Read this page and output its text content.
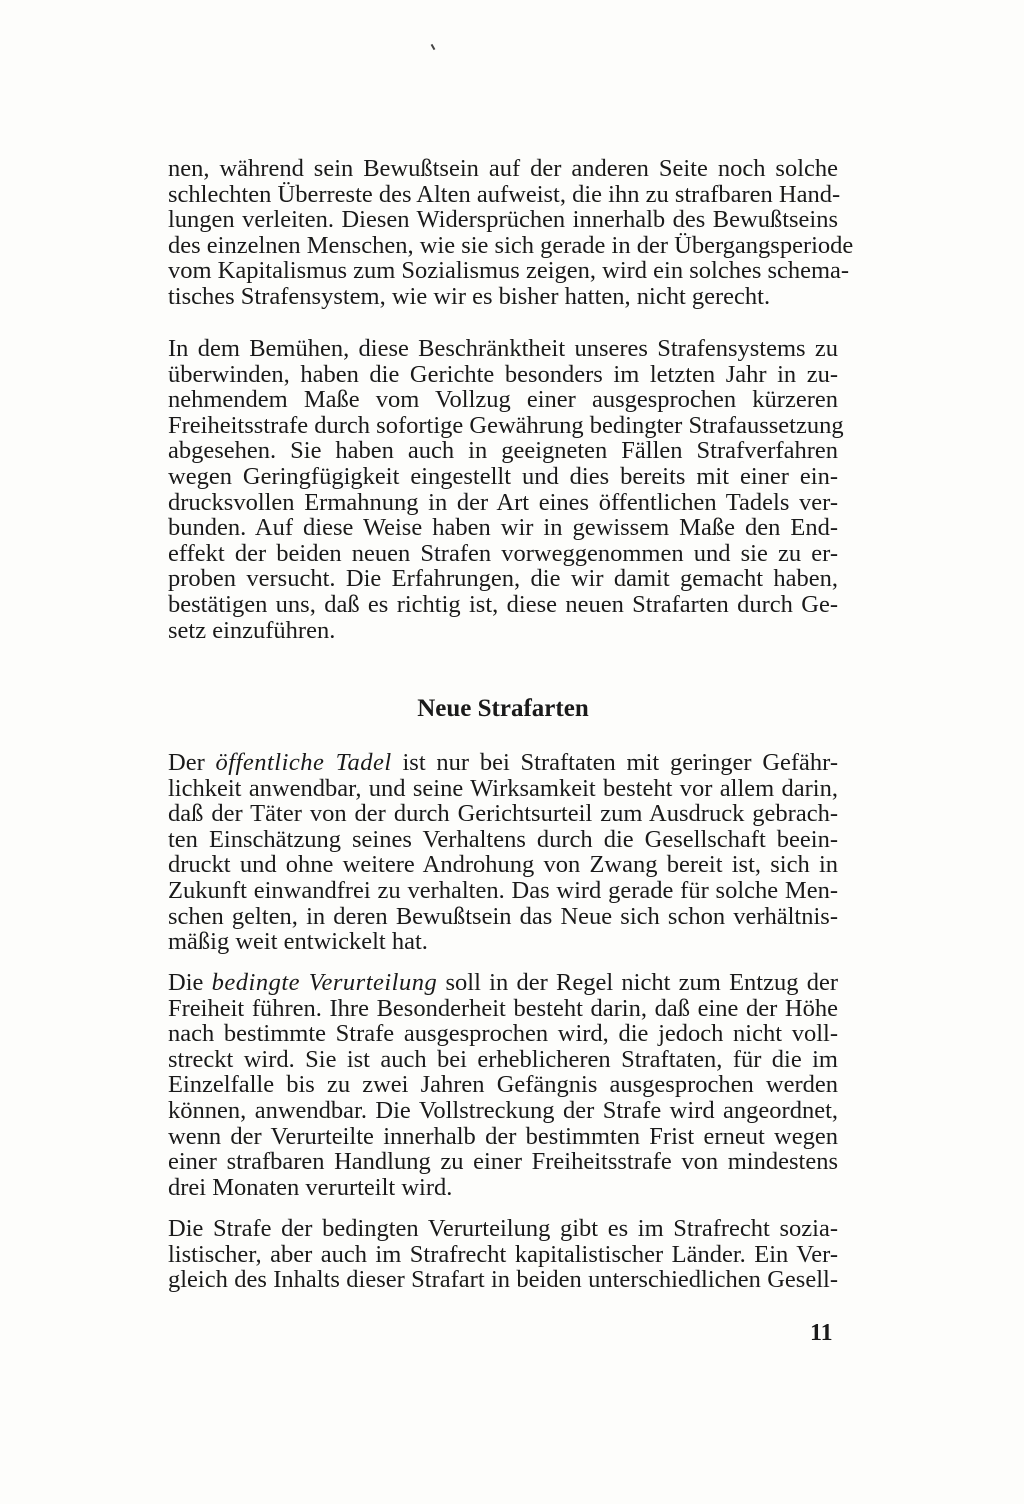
nen, während sein Bewußtsein auf der anderen Seite noch solche
schlechten Überreste des Alten aufweist, die ihn zu strafbaren Hand-
lungen verleiten. Diesen Widersprüchen innerhalb des Bewußtseins
des einzelnen Menschen, wie sie sich gerade in der Übergangsperiode
vom Kapitalismus zum Sozialismus zeigen, wird ein solches schema-
tisches Strafensystem, wie wir es bisher hatten, nicht gerecht.

In dem Bemühen, diese Beschränktheit unseres Strafensystems zu
überwinden, haben die Gerichte besonders im letzten Jahr in zu-
nehmendem Maße vom Vollzug einer ausgesprochen kürzeren
Freiheitsstrafe durch sofortige Gewährung bedingter Strafaussetzung
abgesehen. Sie haben auch in geeigneten Fällen Strafverfahren
wegen Geringfügigkeit eingestellt und dies bereits mit einer ein-
drucksvollen Ermahnung in der Art eines öffentlichen Tadels ver-
bunden. Auf diese Weise haben wir in gewissem Maße den End-
effekt der beiden neuen Strafen vorweggenommen und sie zu er-
proben versucht. Die Erfahrungen, die wir damit gemacht haben,
bestätigen uns, daß es richtig ist, diese neuen Strafarten durch Ge-
setz einzuführen.

Neue Strafarten

Der öffentliche Tadel ist nur bei Straftaten mit geringer Gefähr-
lichkeit anwendbar, und seine Wirksamkeit besteht vor allem darin,
daß der Täter von der durch Gerichtsurteil zum Ausdruck gebrach-
ten Einschätzung seines Verhaltens durch die Gesellschaft beein-
druckt und ohne weitere Androhung von Zwang bereit ist, sich in
Zukunft einwandfrei zu verhalten. Das wird gerade für solche Men-
schen gelten, in deren Bewußtsein das Neue sich schon verhältnis-
mäßig weit entwickelt hat.

Die bedingte Verurteilung soll in der Regel nicht zum Entzug der
Freiheit führen. Ihre Besonderheit besteht darin, daß eine der Höhe
nach bestimmte Strafe ausgesprochen wird, die jedoch nicht voll-
streckt wird. Sie ist auch bei erheblicheren Straftaten, für die im
Einzelfalle bis zu zwei Jahren Gefängnis ausgesprochen werden
können, anwendbar. Die Vollstreckung der Strafe wird angeordnet,
wenn der Verurteilte innerhalb der bestimmten Frist erneut wegen
einer strafbaren Handlung zu einer Freiheitsstrafe von mindestens
drei Monaten verurteilt wird.

Die Strafe der bedingten Verurteilung gibt es im Strafrecht sozia-
listischer, aber auch im Strafrecht kapitalistischer Länder. Ein Ver-
gleich des Inhalts dieser Strafart in beiden unterschiedlichen Gesell-

11
